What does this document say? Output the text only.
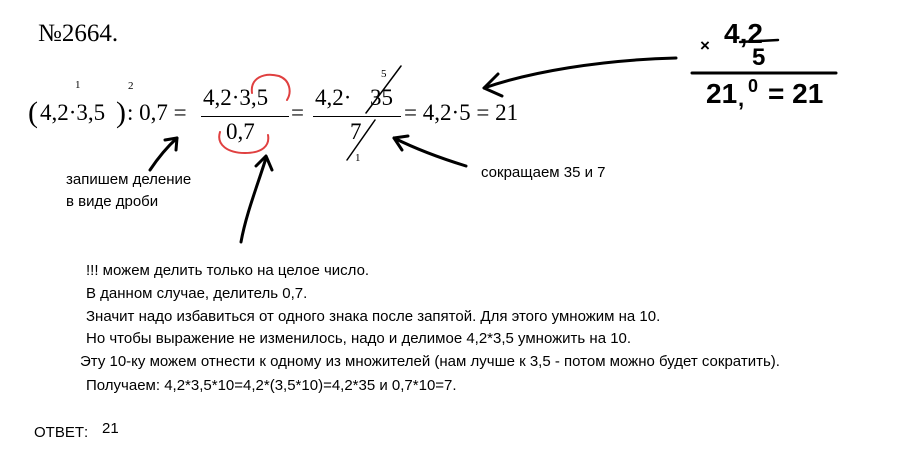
№2664.
( 4,2·3,5 )
1	2
: 0,7 =
4,2·3,5
0,7
=
4,2· 35
7
5
1
= 4,2·5 = 21
× 4,2
5
21 , 0 = 21
запишем деление
в виде дроби
сокращаем 35 и 7
!!! можем делить только на целое число.
В данном случае, делитель 0,7.
Значит надо избавиться от одного знака после запятой. Для этого умножим на 10.
Но чтобы выражение не изменилось, надо и делимое 4,2*3,5 умножить на 10.
Эту 10-ку можем отнести к одному из множителей (нам лучше к 3,5 - потом можно будет сократить).
Получаем: 4,2*3,5*10=4,2*(3,5*10)=4,2*35 и 0,7*10=7.
ОТВЕТ: 21
